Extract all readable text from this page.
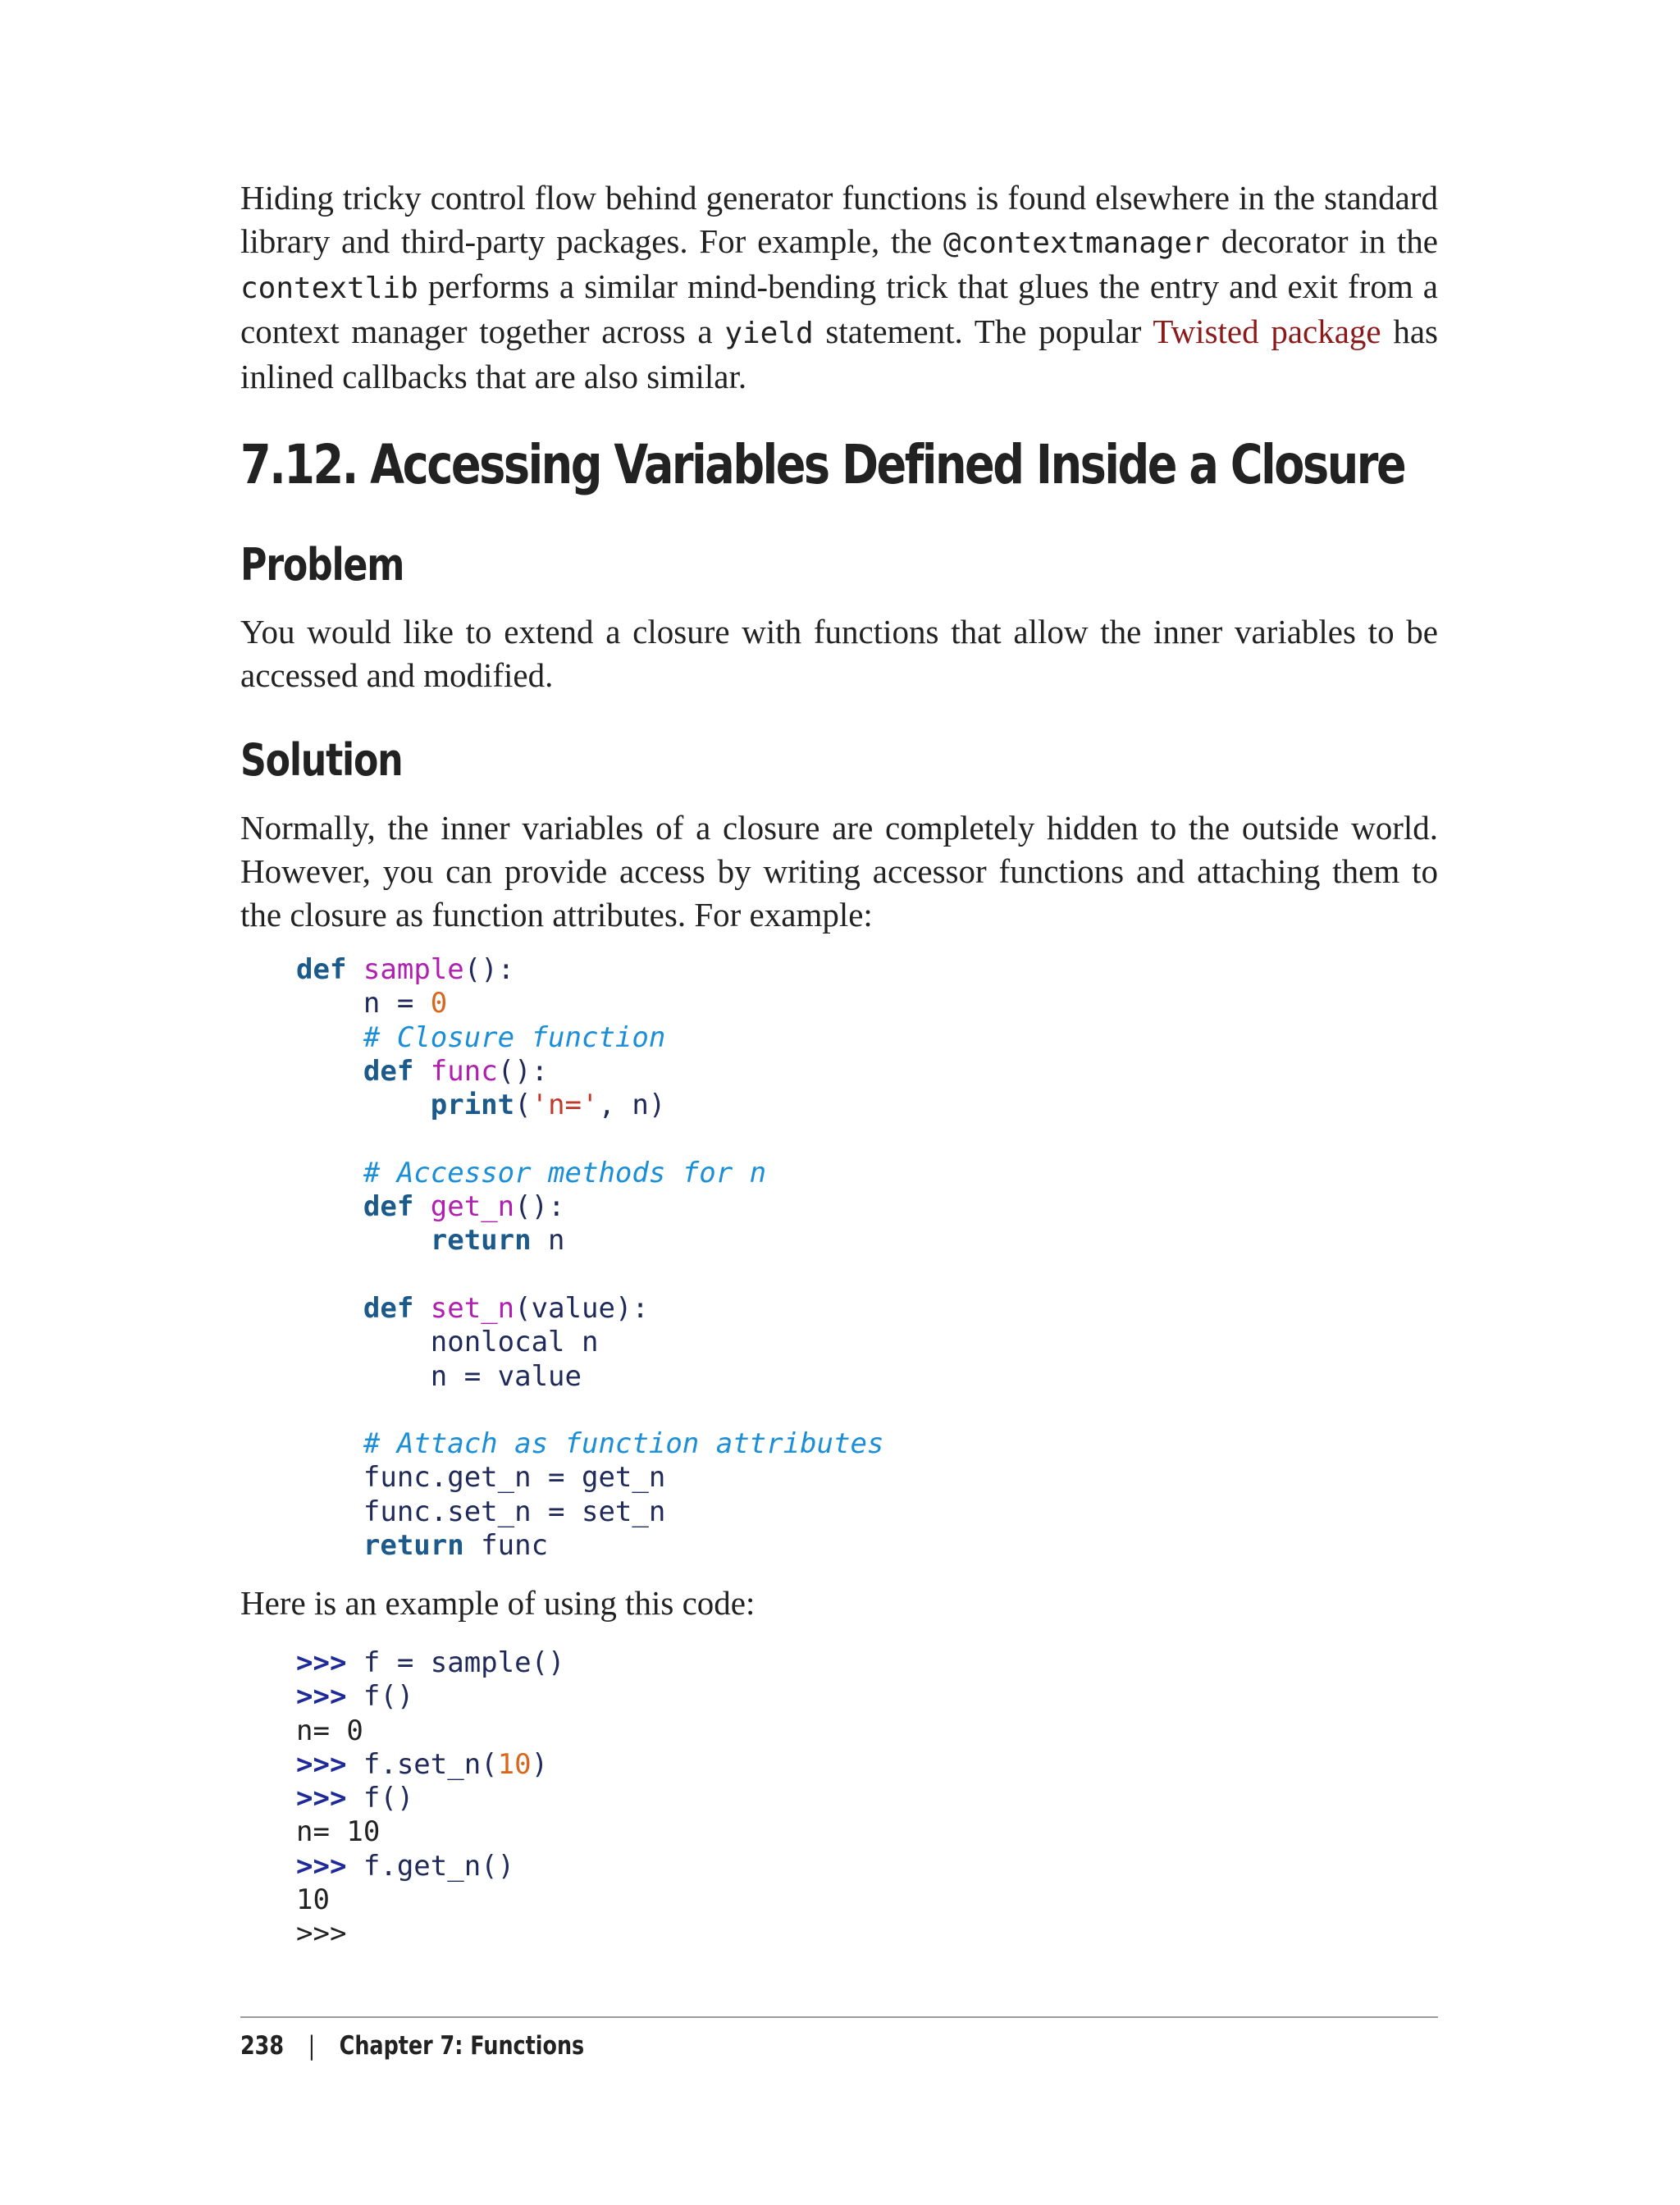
Hiding tricky control flow behind generator functions is found elsewhere in the standard library and third-party packages. For example, the @contextmanager decorator in the contextlib performs a similar mind-bending trick that glues the entry and exit from a context manager together across a yield statement. The popular Twisted package has inlined callbacks that are also similar.

7.12. Accessing Variables Defined Inside a Closure
Problem

You would like to extend a closure with functions that allow the inner variables to be accessed and modified.

Solution

Normally, the inner variables of a closure are completely hidden to the outside world. However, you can provide access by writing accessor functions and attaching them to the closure as function attributes. For example:

def sample():
n = 0
# Closure function
def func():
print('n=', n)

# Accessor methods for n
def get_n():
return n

def set_n(value):
nonlocal n
n = value

# Attach as function attributes
func.get_n = get_n
func.set_n = set_n
return func

Here is an example of using this code:

>>> f = sample()
>>> f()
n= 0
>>> f.set_n(10)
>>> f()
n= 10
>>> f.get_n()
10
>>>
238 | Chapter 7: Functions
